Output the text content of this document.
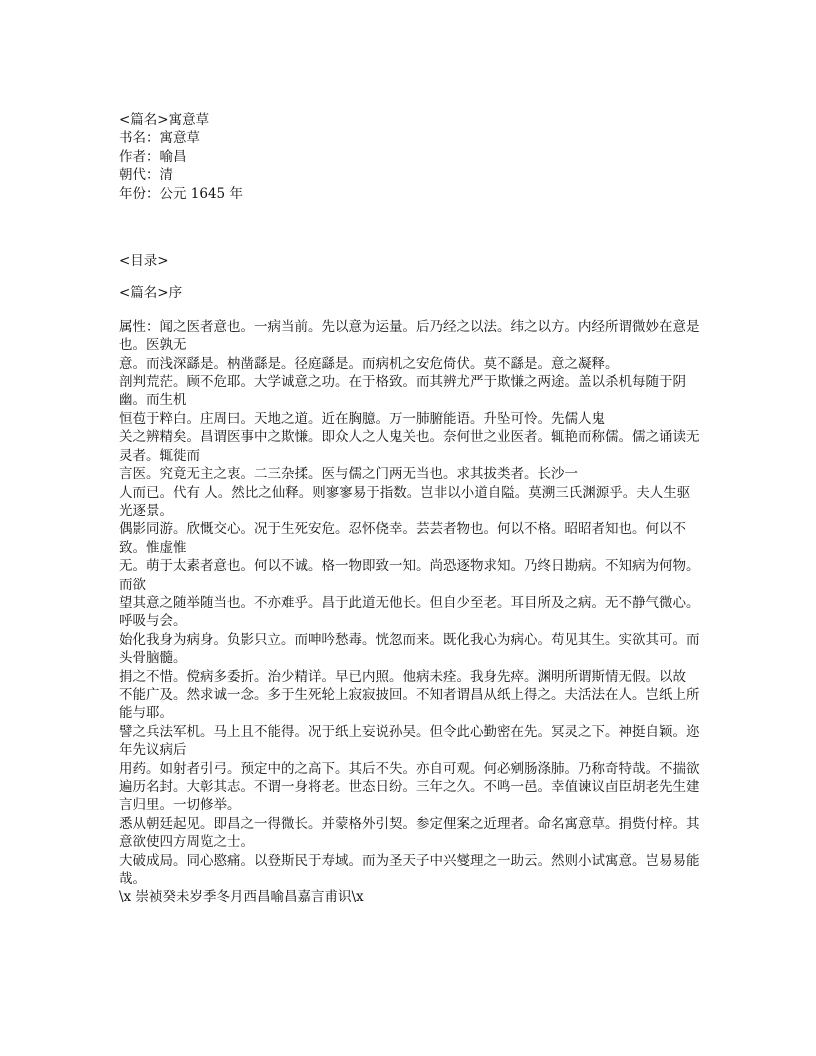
<篇名>寓意草

书名：寓意草

作者：喻昌

朝代：清

年份：公元 1645 年

<目录>

<篇名>序

属性：闻之医者意也。一病当前。先以意为运量。后乃经之以法。纬之以方。内经所谓微妙在意是也。医孰无

意。而浅深繇是。枘凿繇是。径庭繇是。而病机之安危倚伏。莫不繇是。意之凝释。

剖判荒茫。顾不危耶。大学诚意之功。在于格致。而其辨尤严于欺慊之两途。盖以杀机每随于阴幽。而生机

恒苞于粹白。庄周曰。天地之道。近在胸臆。万一肺腑能语。升坠可怜。先儒人鬼

关之辨精矣。昌谓医事中之欺慊。即众人之人鬼关也。奈何世之业医者。辄艳而称儒。儒之诵读无灵者。辄徙而

言医。究竟无主之衷。二三杂揉。医与儒之门两无当也。求其拔类者。长沙一

人而已。代有 人。然比之仙释。则寥寥易于指数。岂非以小道自隘。莫溯三氏渊源乎。夫人生驱光逐景。

偶影同游。欣慨交心。况于生死安危。忍怀侥幸。芸芸者物也。何以不格。昭昭者知也。何以不致。惟虚惟

无。萌于太素者意也。何以不诚。格一物即致一知。尚恐逐物求知。乃终日勘病。不知病为何物。而欲

望其意之随举随当也。不亦难乎。昌于此道无他长。但自少至老。耳目所及之病。无不静气微心。呼吸与会。

始化我身为病身。负影只立。而呻吟愁毒。恍忽而来。既化我心为病心。苟见其生。实欲其可。而头骨脑髓。

捐之不惜。傥病多委折。治少精详。早已内照。他病未痊。我身先瘁。渊明所谓斯情无假。以故

不能广及。然求诚一念。多于生死轮上寂寂披回。不知者谓昌从纸上得之。夫活法在人。岂纸上所能与耶。

譬之兵法军机。马上且不能得。况于纸上妄说孙吴。但令此心勤密在先。冥灵之下。神挺自颖。迩年先议病后

用药。如射者引弓。预定中的之高下。其后不失。亦自可观。何必剜肠涤肺。乃称奇特哉。不揣欲

遍历名封。大彰其志。不谓一身将老。世态日纷。三年之久。不鸣一邑。幸值谏议卣臣胡老先生建言归里。一切修举。

悉从朝廷起见。即昌之一得微长。并蒙格外引契。参定俚案之近理者。命名寓意草。捐赀付梓。其意欲使四方周览之士。

大破成局。同心愍痛。以登斯民于寿域。而为圣天子中兴燮理之一助云。然则小试寓意。岂易易能哉。

\x 崇祯癸未岁季冬月西昌喻昌嘉言甫识\x
